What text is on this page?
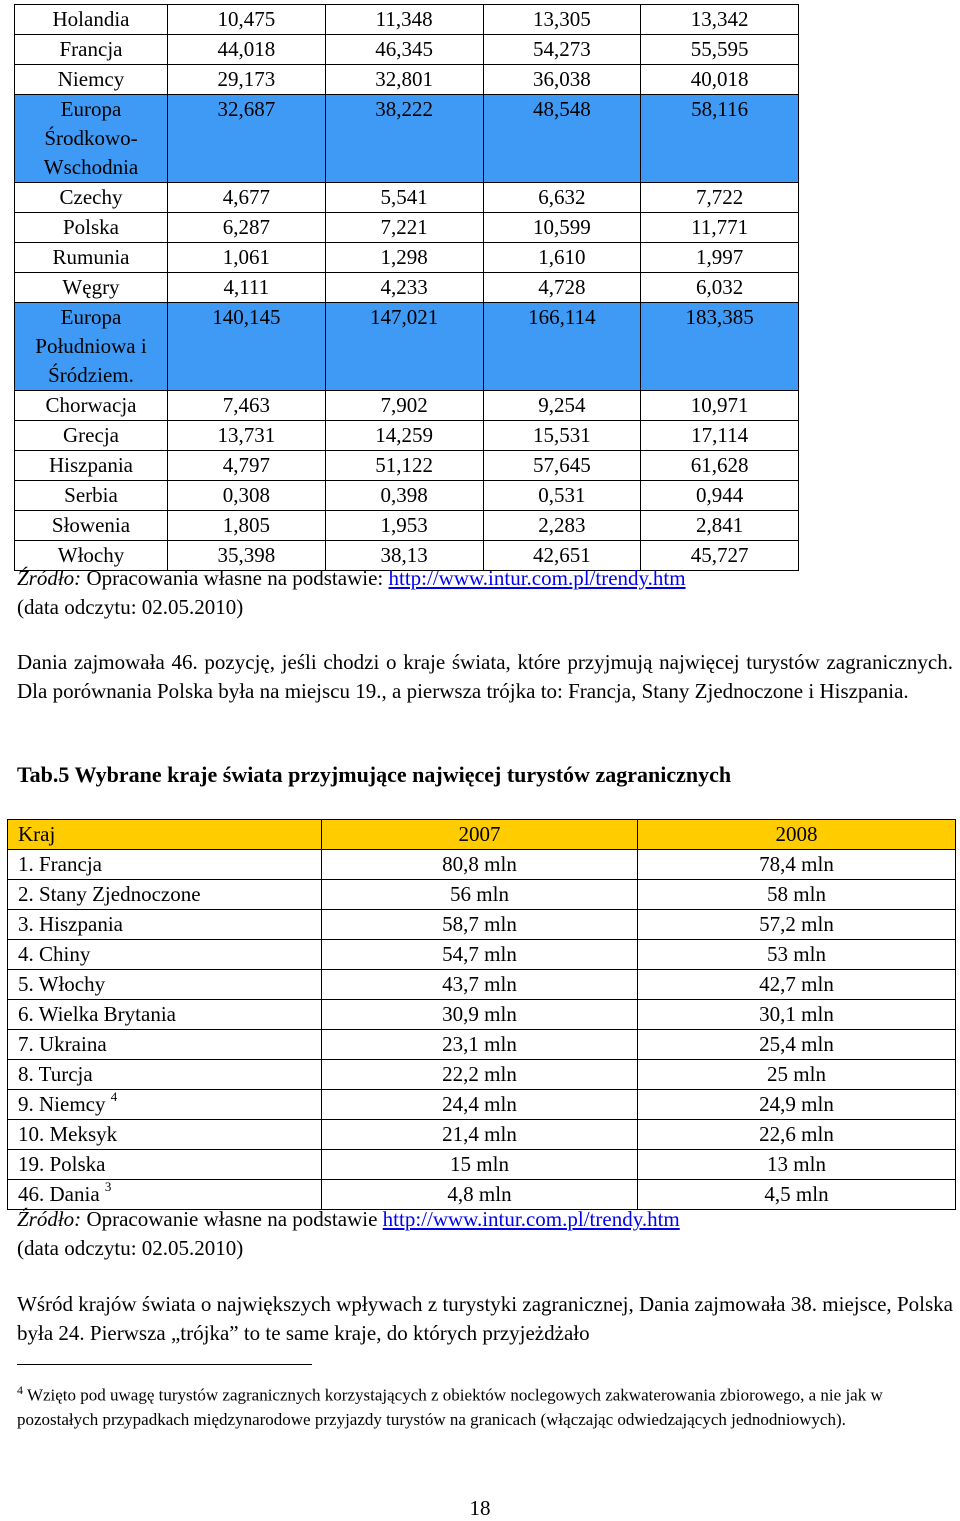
Holandia	10,475	11,348	13,305	13,342
Francja	44,018	46,345	54,273	55,595
Niemcy	29,173	32,801	36,038	40,018

Europa
Środkowo-
Wschodnia	32,687	38,222	48,548	58,116
Czechy	4,677	5,541	6,632	7,722
Polska	6,287	7,221	10,599	11,771
Rumunia	1,061	1,298	1,610	1,997
Węgry	4,111	4,233	4,728	6,032

Europa
Południowa i
Śródziem.	140,145	147,021	166,114	183,385
Chorwacja	7,463	7,902	9,254	10,971
Grecja	13,731	14,259	15,531	17,114
Hiszpania	4,797	51,122	57,645	61,628
Serbia	0,308	0,398	0,531	0,944
Słowenia	1,805	1,953	2,283	2,841
Włochy	35,398	38,13	42,651	45,727
Źródło: Opracowania własne na podstawie: http://www.intur.com.pl/trendy.htm
(data odczytu: 02.05.2010)
Dania zajmowała 46. pozycję, jeśli chodzi o kraje świata, które przyjmują najwięcej turystów zagranicznych. Dla porównania Polska była na miejscu 19., a pierwsza trójka to: Francja, Stany Zjednoczone i Hiszpania.
Tab.5 Wybrane kraje świata przyjmujące najwięcej turystów zagranicznych
Kraj	2007	2008
1. Francja	80,8 mln	78,4 mln
2. Stany Zjednoczone	56 mln	58 mln
3. Hiszpania	58,7 mln	57,2 mln
4. Chiny	54,7 mln	53 mln
5. Włochy	43,7 mln	42,7 mln
6. Wielka Brytania	30,9 mln	30,1 mln
7. Ukraina	23,1 mln	25,4 mln
8. Turcja	22,2 mln	25 mln
9. Niemcy $^4$	24,4 mln	24,9 mln
10. Meksyk	21,4 mln	22,6 mln
19. Polska	15 mln	13 mln
46. Dania $^3$	4,8 mln	4,5 mln
Źródło: Opracowanie własne na podstawie http://www.intur.com.pl/trendy.htm
(data odczytu: 02.05.2010)
Wśród krajów świata o największych wpływach z turystyki zagranicznej, Dania zajmowała 38. miejsce, Polska była 24. Pierwsza „trójka” to te same kraje, do których przyjeżdżało
$^4$ Wzięto pod uwagę turystów zagranicznych korzystających z obiektów noclegowych zakwaterowania zbiorowego, a nie jak w pozostałych przypadkach międzynarodowe przyjazdy turystów na granicach (włączając odwiedzających jednodniowych).
18
